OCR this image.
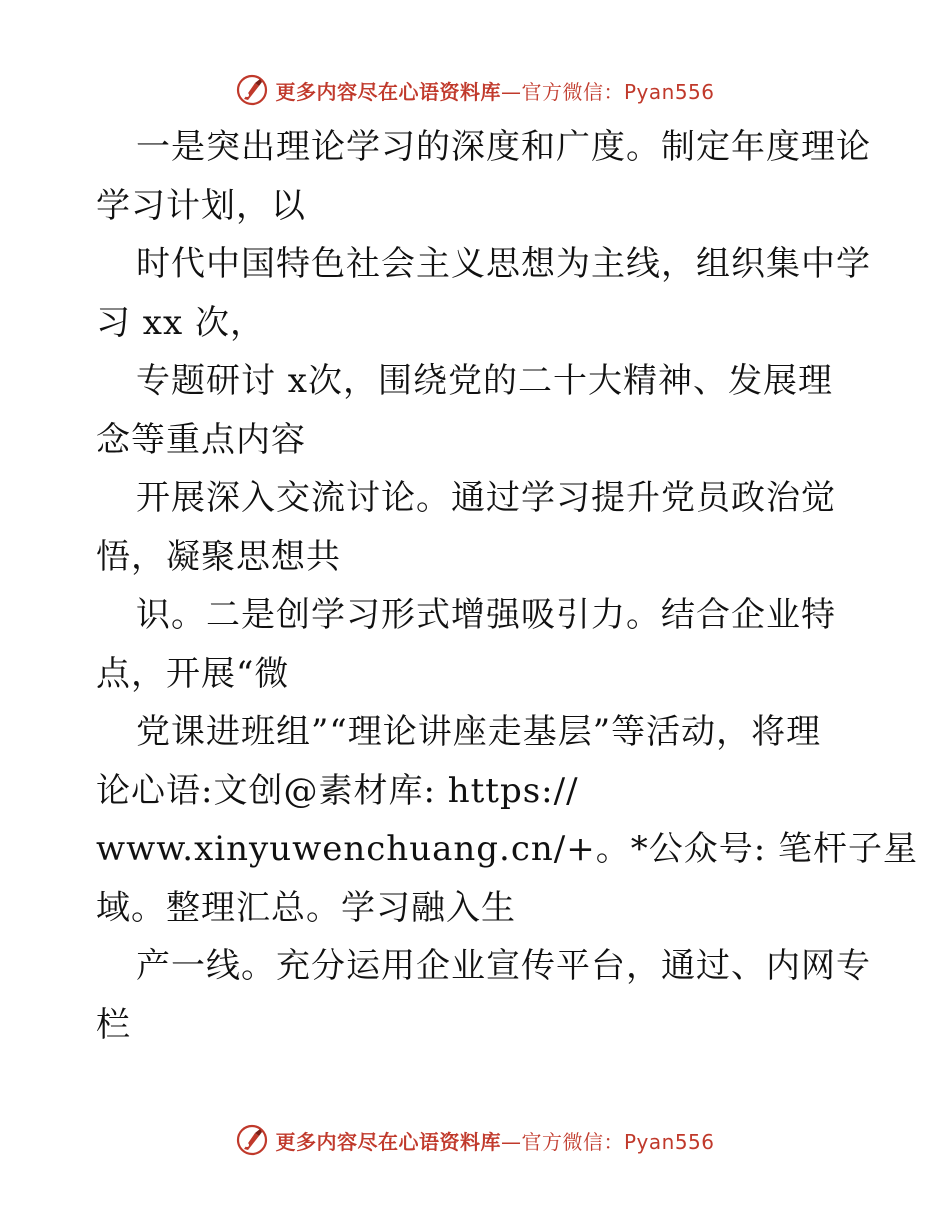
更多内容尽在心语资料库—官方微信：Pyan556
一是突出理论学习的深度和广度。制定年度理论
学习计划，以
时代中国特色社会主义思想为主线，组织集中学
习 xx 次，
专题研讨 x次，围绕党的二十大精神、发展理
念等重点内容
开展深入交流讨论。通过学习提升党员政治觉
悟，凝聚思想共
识。二是创学习形式增强吸引力。结合企业特
点，开展“微
党课进班组”“理论讲座走基层”等活动，将理
论心语:文创@素材库: https://
www.xinyuwenchuang.cn/+。*公众号: 笔杆子星
域。整理汇总。学习融入生
产一线。充分运用企业宣传平台，通过、内网专
栏
更多内容尽在心语资料库—官方微信：Pyan556
